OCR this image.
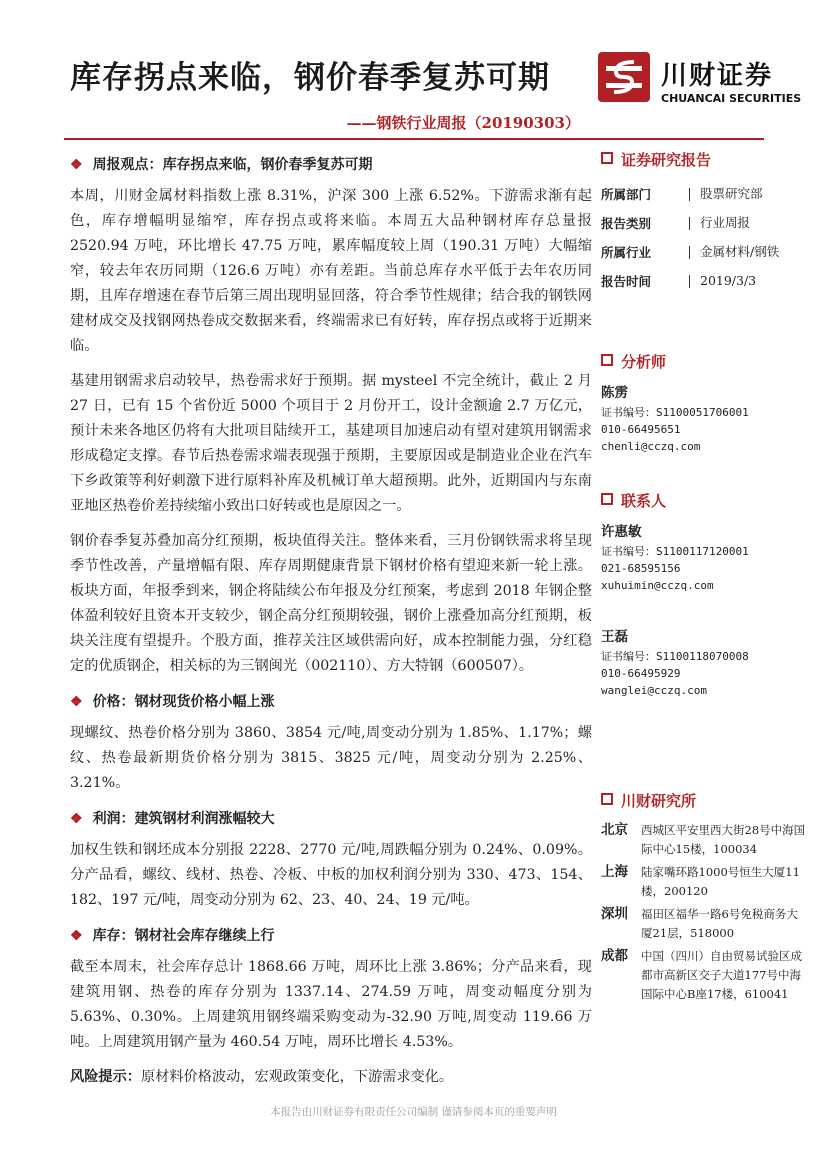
库存拐点来临，钢价春季复苏可期
——钢铁行业周报（20190303）
川财证券
CHUANCAI SECURITIES
❖ 周报观点：库存拐点来临，钢价春季复苏可期

本周，川财金属材料指数上涨 8.31%，沪深 300 上涨 6.52%。下游需求渐有起色，库存增幅明显缩窄，库存拐点或将来临。本周五大品种钢材库存总量报 2520.94 万吨，环比增长 47.75 万吨，累库幅度较上周（190.31 万吨）大幅缩窄，较去年农历同期（126.6 万吨）亦有差距。当前总库存水平低于去年农历同期，且库存增速在春节后第三周出现明显回落，符合季节性规律；结合我的钢铁网建材成交及找钢网热卷成交数据来看，终端需求已有好转，库存拐点或将于近期来临。

基建用钢需求启动较早，热卷需求好于预期。据 mysteel 不完全统计，截止 2 月 27 日，已有 15 个省份近 5000 个项目于 2 月份开工，设计金额逾 2.7 万亿元，预计未来各地区仍将有大批项目陆续开工，基建项目加速启动有望对建筑用钢需求形成稳定支撑。春节后热卷需求端表现强于预期，主要原因或是制造业企业在汽车下乡政策等利好刺激下进行原料补库及机械订单大超预期。此外，近期国内与东南亚地区热卷价差持续缩小致出口好转或也是原因之一。

钢价春季复苏叠加高分红预期，板块值得关注。整体来看，三月份钢铁需求将呈现季节性改善，产量增幅有限、库存周期健康背景下钢材价格有望迎来新一轮上涨。板块方面，年报季到来，钢企将陆续公布年报及分红预案，考虑到 2018 年钢企整体盈利较好且资本开支较少，钢企高分红预期较强，钢价上涨叠加高分红预期，板块关注度有望提升。个股方面，推荐关注区域供需向好，成本控制能力强，分红稳定的优质钢企，相关标的为三钢闽光（002110）、方大特钢（600507）。

❖ 价格：钢材现货价格小幅上涨

现螺纹、热卷价格分别为 3860、3854 元/吨,周变动分别为 1.85%、1.17%；螺纹、热卷最新期货价格分别为 3815、3825 元/吨，周变动分别为 2.25%、3.21%。

❖ 利润：建筑钢材利润涨幅较大

加权生铁和钢坯成本分别报 2228、2770 元/吨,周跌幅分别为 0.24%、0.09%。分产品看，螺纹、线材、热卷、冷板、中板的加权利润分别为 330、473、154、182、197 元/吨，周变动分别为 62、23、40、24、19 元/吨。

❖ 库存：钢材社会库存继续上行

截至本周末，社会库存总计 1868.66 万吨，周环比上涨 3.86%；分产品来看，现建筑用钢、热卷的库存分别为 1337.14、274.59 万吨，周变动幅度分别为 5.63%、0.30%。上周建筑用钢终端采购变动为-32.90 万吨,周变动 119.66 万吨。上周建筑用钢产量为 460.54 万吨，周环比增长 4.53%。

风险提示：原材料价格波动，宏观政策变化，下游需求变化。

证券研究报告
所属部门	股票研究部
报告类别	行业周报
所属行业	金属材料/钢铁
报告时间	2019/3/3
分析师
陈雳
证书编号：S1100051706001
010-66495651
chenli@cczq.com
联系人
许惠敏
证书编号：S1100117120001
021-68595156
xuhuimin@cczq.com
王磊
证书编号：S1100118070008
010-66495929
wanglei@cczq.com
川财研究所
北京	西城区平安里西大街28号中海国际中心15楼，100034
上海	陆家嘴环路1000号恒生大厦11楼，200120
深圳	福田区福华一路6号免税商务大厦21层，518000
成都	中国（四川）自由贸易试验区成都市高新区交子大道177号中海国际中心B座17楼，610041
本报告由川财证券有限责任公司编制 谨请参阅本页的重要声明
